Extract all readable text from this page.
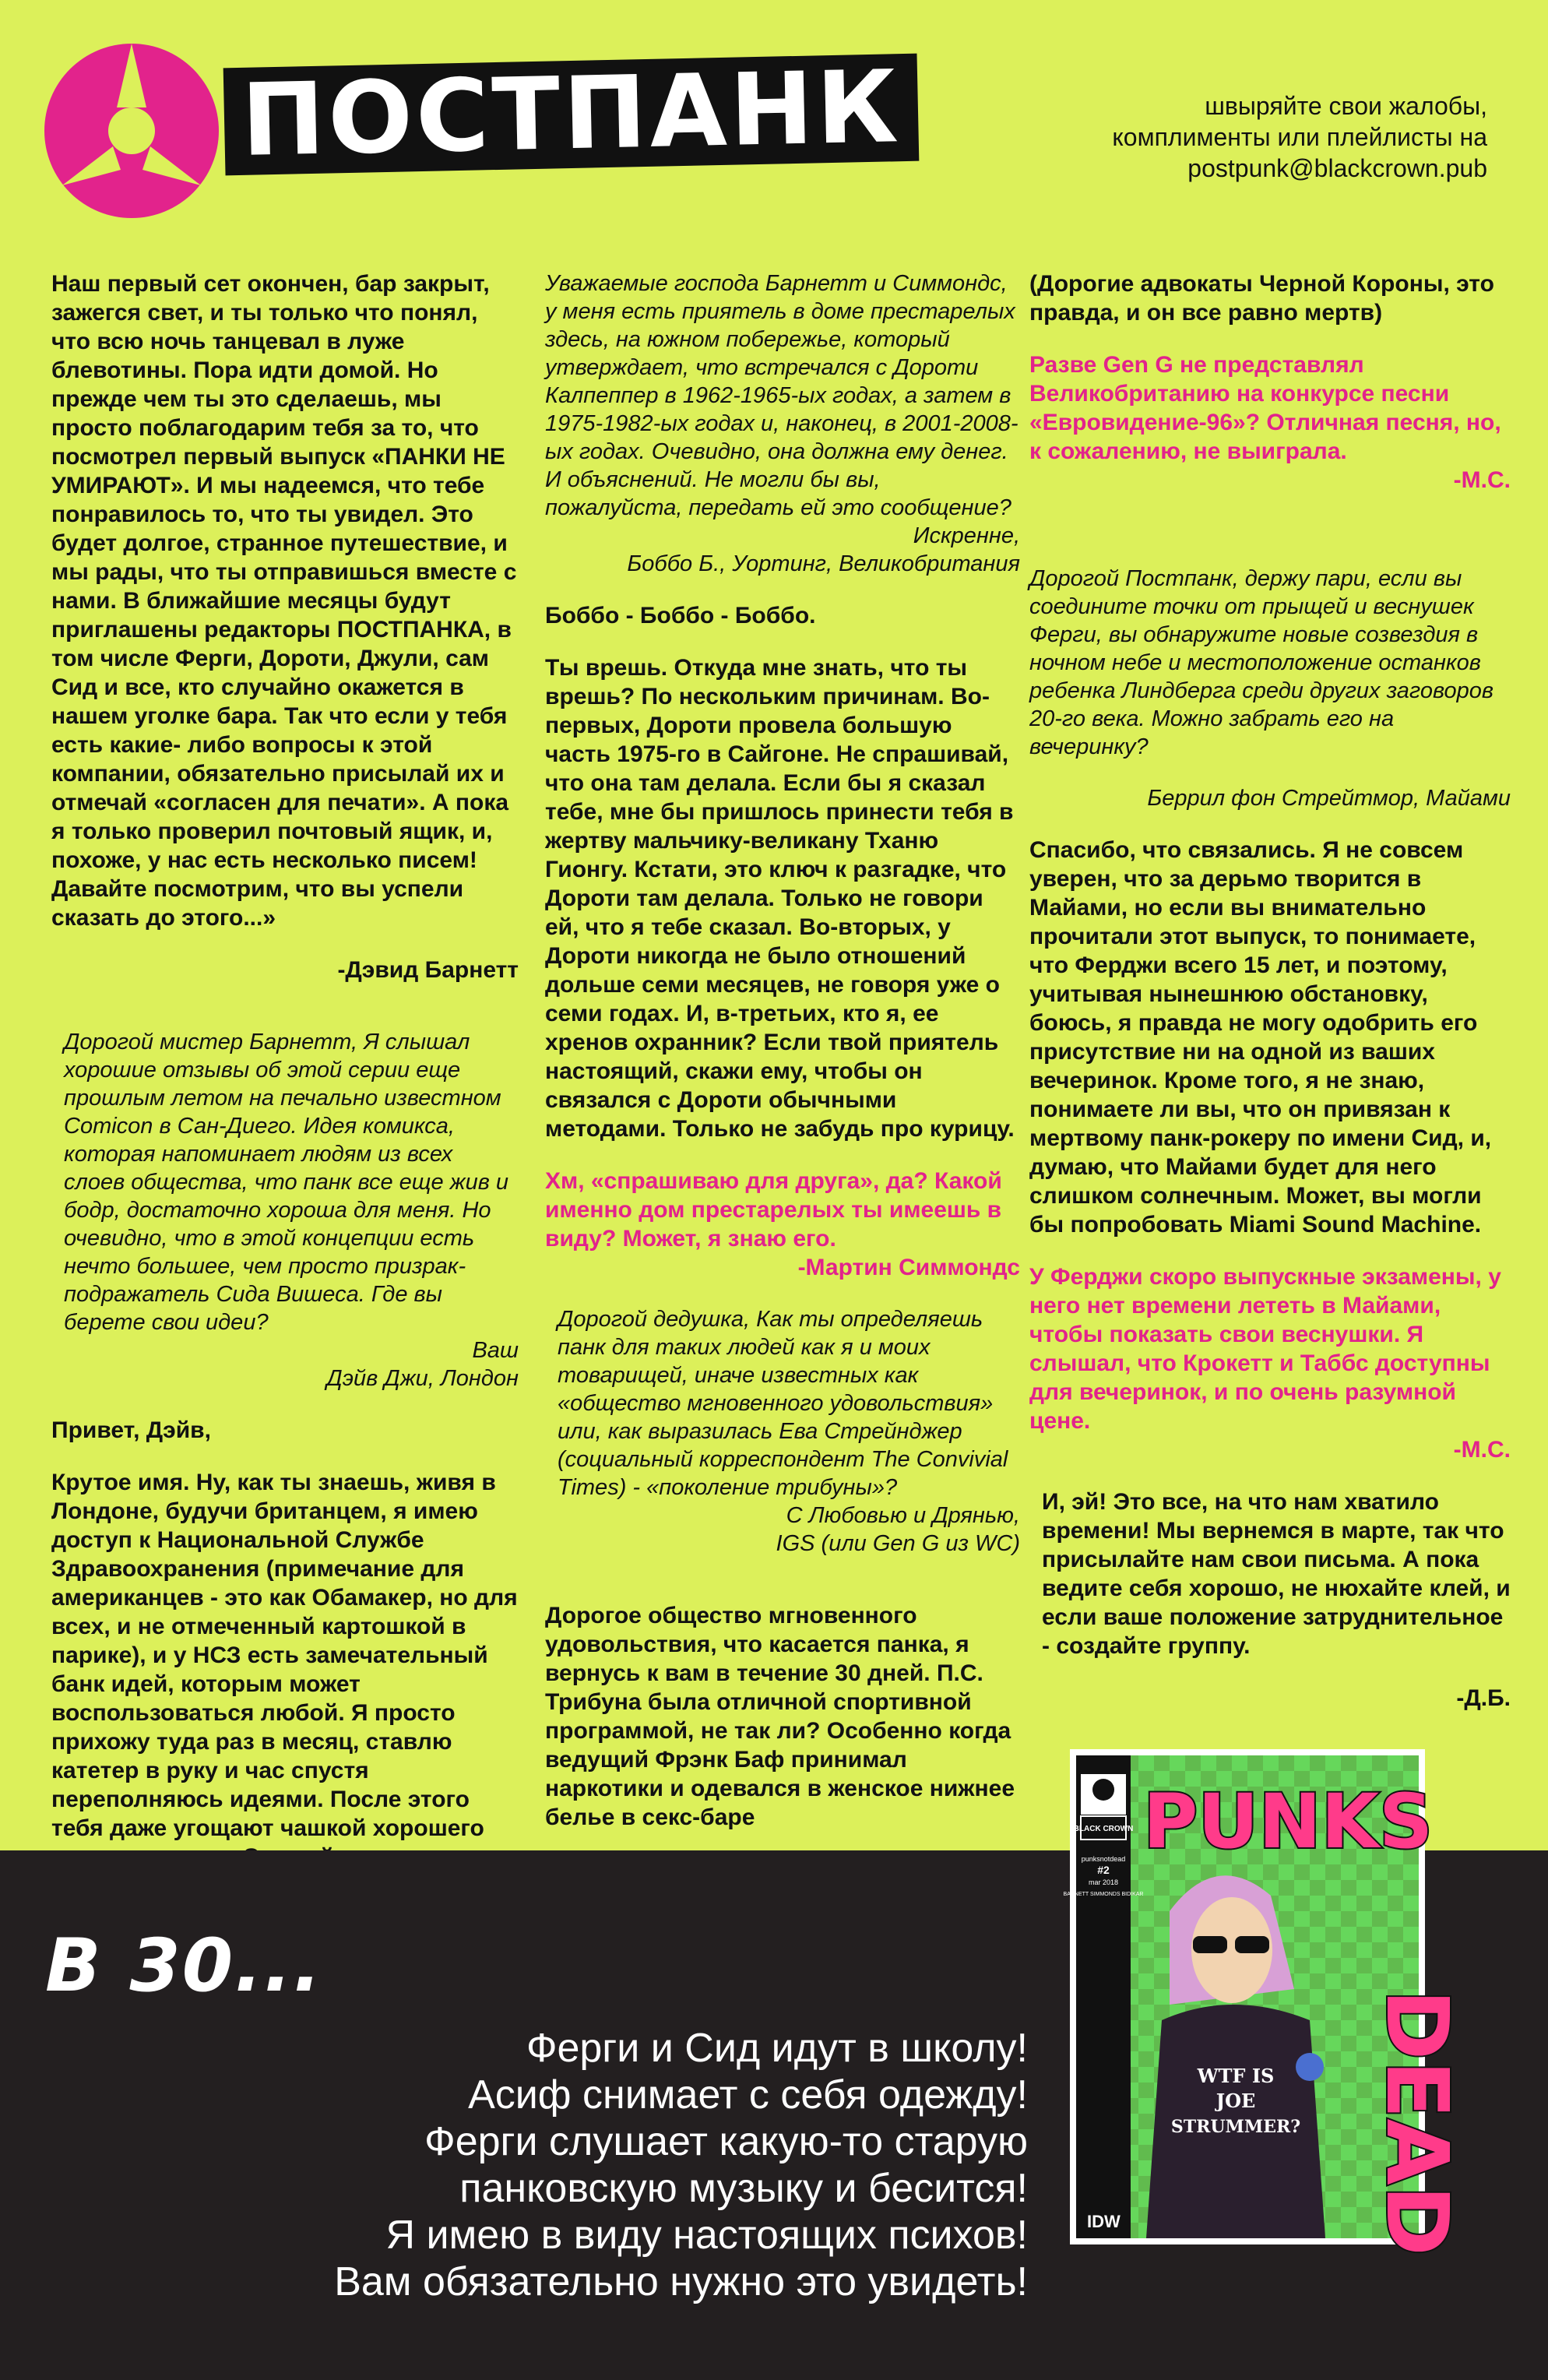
ПОСТПАНК	швыряйте свои жалобы,
комплименты или плейлисты на
postpunk@blackcrown.pub

Наш первый сет окончен, бар закрыт, зажегся свет, и ты только что понял, что всю ночь танцевал в луже блевотины. Пора идти домой. Но прежде чем ты это сделаешь, мы просто поблагодарим тебя за то, что посмотрел первый выпуск «ПАНКИ НЕ УМИРАЮТ». И мы надеемся, что тебе понравилось то, что ты увидел. Это будет долгое, странное путешествие, и мы рады, что ты отправишься вместе с нами. В ближайшие месяцы будут приглашены редакторы ПОСТПАНКА, в том числе Ферги, Дороти, Джули, сам Сид и все, кто случайно окажется в нашем уголке бара. Так что если у тебя есть какие- либо вопросы к этой компании, обязательно присылай их и отмечай «согласен для печати». А пока я только проверил почтовый ящик, и, похоже, у нас есть несколько писем! Давайте посмотрим, что вы успели сказать до этого...»

-Дэвид Барнетт

Дорогой мистер Барнетт, Я слышал хорошие отзывы об этой серии еще прошлым летом на печально известном Comicon в Сан-Диего. Идея комикса, которая напоминает людям из всех слоев общества, что панк все еще жив и бодр, достаточно хороша для меня. Но очевидно, что в этой концепции есть нечто большее, чем просто призрак-подражатель Сида Вишеса. Где вы берете свои идеи?

Ваш

Дэйв Джи, Лондон

Привет, Дэйв,

Крутое имя. Ну, как ты знаешь, живя в Лондоне, будучи британцем, я имею доступ к Национальной Службе Здравоохранения (примечание для американцев - это как Обамакер, но для всех, и не отмеченный картошкой в парике), и у НСЗ есть замечательный банк идей, которым может воспользоваться любой. Я просто прихожу туда раз в месяц, ставлю катетер в руку и час спустя переполняюсь идеями. После этого тебя даже угощают чашкой хорошего

Уважаемые господа Барнетт и Симмондс, у меня есть приятель в доме престарелых здесь, на южном побережье, который утверждает, что встречался с Дороти Калпеппер в 1962-1965-ых годах, а затем в 1975-1982-ых годах и, наконец, в 2001-2008-ых годах. Очевидно, она должна ему денег. И объяснений. Не могли бы вы, пожалуйста, передать ей это сообщение?

Искренне,

Боббо Б., Уортинг, Великобритания

Боббо - Боббо - Боббо.

Ты врешь. Откуда мне знать, что ты врешь? По нескольким причинам. Во-первых, Дороти провела большую часть 1975-го в Сайгоне. Не спрашивай, что она там делала. Если бы я сказал тебе, мне бы пришлось принести тебя в жертву мальчику-великану Тханю Гионгу. Кстати, это ключ к разгадке, что Дороти там делала. Только не говори ей, что я тебе сказал. Во-вторых, у Дороти никогда не было отношений дольше семи месяцев, не говоря уже о семи годах. И, в-третьих, кто я, ее хренов охранник? Если твой приятель настоящий, скажи ему, чтобы он связался с Дороти обычными методами. Только не забудь про курицу.

Хм, «спрашиваю для друга», да? Какой именно дом престарелых ты имеешь в виду? Может, я знаю его.

-Мартин Симмондс

Дорогой дедушка, Как ты определяешь панк для таких людей как я и моих товарищей, иначе известных как «общество мгновенного удовольствия» или, как выразилась Ева Стрейнджер (социальный корреспондент The Convivial Times) - «поколение трибуны»?

С Любовью и Дрянью,

IGS (или Gen G из WC)

Дорогое общество мгновенного удовольствия, что касается панка, я вернусь к вам в течение 30 дней. П.С. Трибуна была отличной спортивной программой, не так ли? Особенно когда ведущий Фрэнк Баф принимал наркотики и одевался в женское нижнее белье в секс-баре

(Дорогие адвокаты Черной Короны, это правда, и он все равно мертв)

Разве Gen G не представлял Великобританию на конкурсе песни «Евровидение-96»? Отличная песня, но, к сожалению, не выиграла.

-М.С.

Дорогой Постпанк, держу пари, если вы соедините точки от прыщей и веснушек Ферги, вы обнаружите новые созвездия в ночном небе и местоположение останков ребенка Линдберга среди других заговоров 20-го века. Можно забрать его на вечеринку?

Беррил фон Стрейтмор, Майами

Спасибо, что связались. Я не совсем уверен, что за дерьмо творится в Майами, но если вы внимательно прочитали этот выпуск, то понимаете, что Ферджи всего 15 лет, и поэтому, учитывая нынешнюю обстановку, боюсь, я правда не могу одобрить его присутствие ни на одной из ваших вечеринок. Кроме того, я не знаю, понимаете ли вы, что он привязан к мертвому панк-рокеру по имени Сид, и, думаю, что Майами будет для него слишком солнечным. Может, вы могли бы попробовать Miami Sound Machine.

У Ферджи скоро выпускные экзамены, у него нет времени лететь в Майами, чтобы показать свои веснушки. Я слышал, что Крокетт и Таббс доступны для вечеринок, и по очень разумной цене.

-М.С.

И, эй! Это все, на что нам хватило времени! Мы вернемся в марте, так что присылайте нам свои письма. А пока ведите себя хорошо, не нюхайте клей, и если ваше положение затруднительное - создайте группу.

-Д.Б.

В 30...
Ферги и Сид идут в школу!
Асиф снимает с себя одежду!
Ферги слушает какую-то старую
панковскую музыку и бесится!
Я имею в виду настоящих психов!
Вам обязательно нужно это увидеть!
BLACK CROWN
punksnotdead
#2
mar 2018
BARNETT SIMMONDS BIDIKAR
PUNKS
DEAD
WTF IS
JOE
STRUMMER?
IDW
